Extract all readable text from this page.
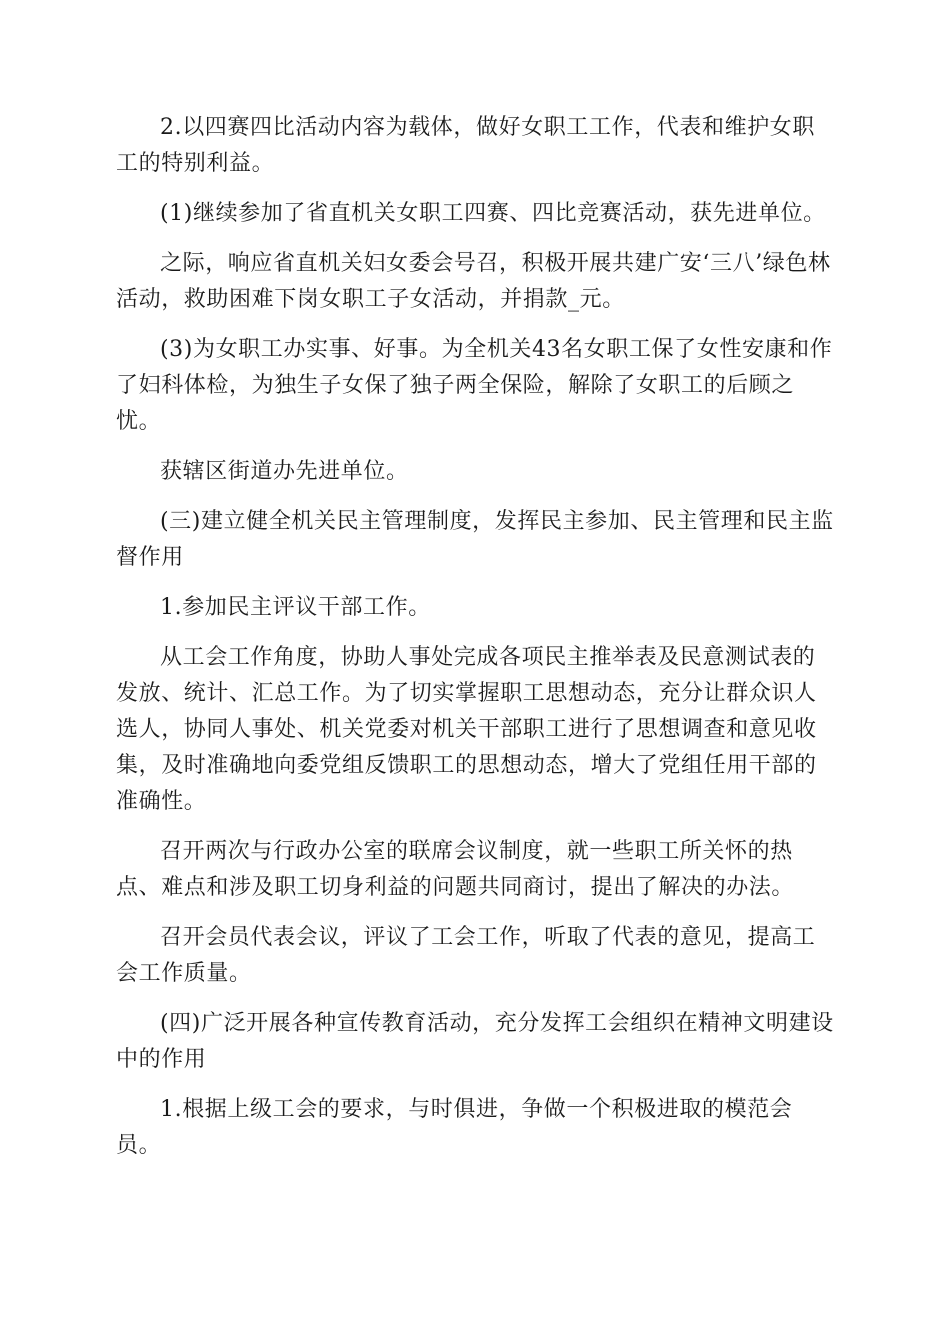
2.以四赛四比活动内容为载体，做好女职工工作，代表和维护女职工的特别利益。

(1)继续参加了省直机关女职工四赛、四比竞赛活动，获先进单位。

之际，响应省直机关妇女委会号召，积极开展共建广安‘三八’绿色林活动，救助困难下岗女职工子女活动，并捐款_元。

(3)为女职工办实事、好事。为全机关43名女职工保了女性安康和作了妇科体检，为独生子女保了独子两全保险，解除了女职工的后顾之忧。

获辖区街道办先进单位。

(三)建立健全机关民主管理制度，发挥民主参加、民主管理和民主监督作用

1.参加民主评议干部工作。

从工会工作角度，协助人事处完成各项民主推举表及民意测试表的发放、统计、汇总工作。为了切实掌握职工思想动态，充分让群众识人选人，协同人事处、机关党委对机关干部职工进行了思想调查和意见收集，及时准确地向委党组反馈职工的思想动态，增大了党组任用干部的准确性。

召开两次与行政办公室的联席会议制度，就一些职工所关怀的热点、难点和涉及职工切身利益的问题共同商讨，提出了解决的办法。

召开会员代表会议，评议了工会工作，听取了代表的意见，提高工会工作质量。

(四)广泛开展各种宣传教育活动，充分发挥工会组织在精神文明建设中的作用

1.根据上级工会的要求，与时俱进，争做一个积极进取的模范会员。
